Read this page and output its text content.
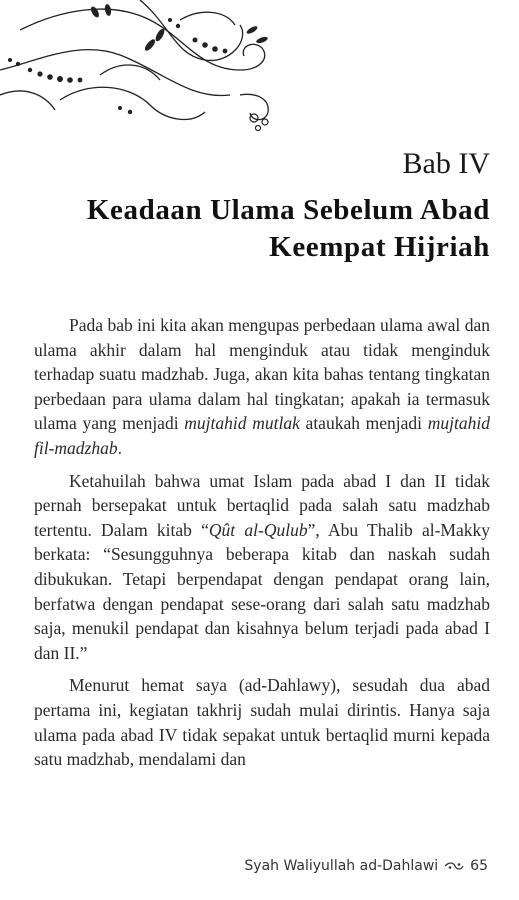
Bab IV
Keadaan Ulama Sebelum Abad
Keempat Hijriah

Pada bab ini kita akan mengupas perbedaan ulama awal dan ulama akhir dalam hal menginduk atau tidak menginduk terhadap suatu madzhab. Juga, akan kita bahas tentang tingkatan perbedaan para ulama dalam hal tingkatan; apakah ia termasuk ulama yang menjadi mujtahid mutlak ataukah menjadi mujtahid fil-madzhab.

Ketahuilah bahwa umat Islam pada abad I dan II tidak pernah bersepakat untuk bertaqlid pada salah satu madzhab tertentu. Dalam kitab “Qût al-Qulub”, Abu Thalib al-Makky berkata: “Sesungguhnya beberapa kitab dan naskah sudah dibukukan. Tetapi berpendapat dengan pendapat orang lain, berfatwa dengan pendapat sese-orang dari salah satu madzhab saja, menukil pendapat dan kisahnya belum terjadi pada abad I dan II.”

Menurut hemat saya (ad-Dahlawy), sesudah dua abad pertama ini, kegiatan takhrij sudah mulai dirintis. Hanya saja ulama pada abad IV tidak sepakat untuk bertaqlid murni kepada satu madzhab, mendalami dan

Syah Waliyullah ad-Dahlawi 65
